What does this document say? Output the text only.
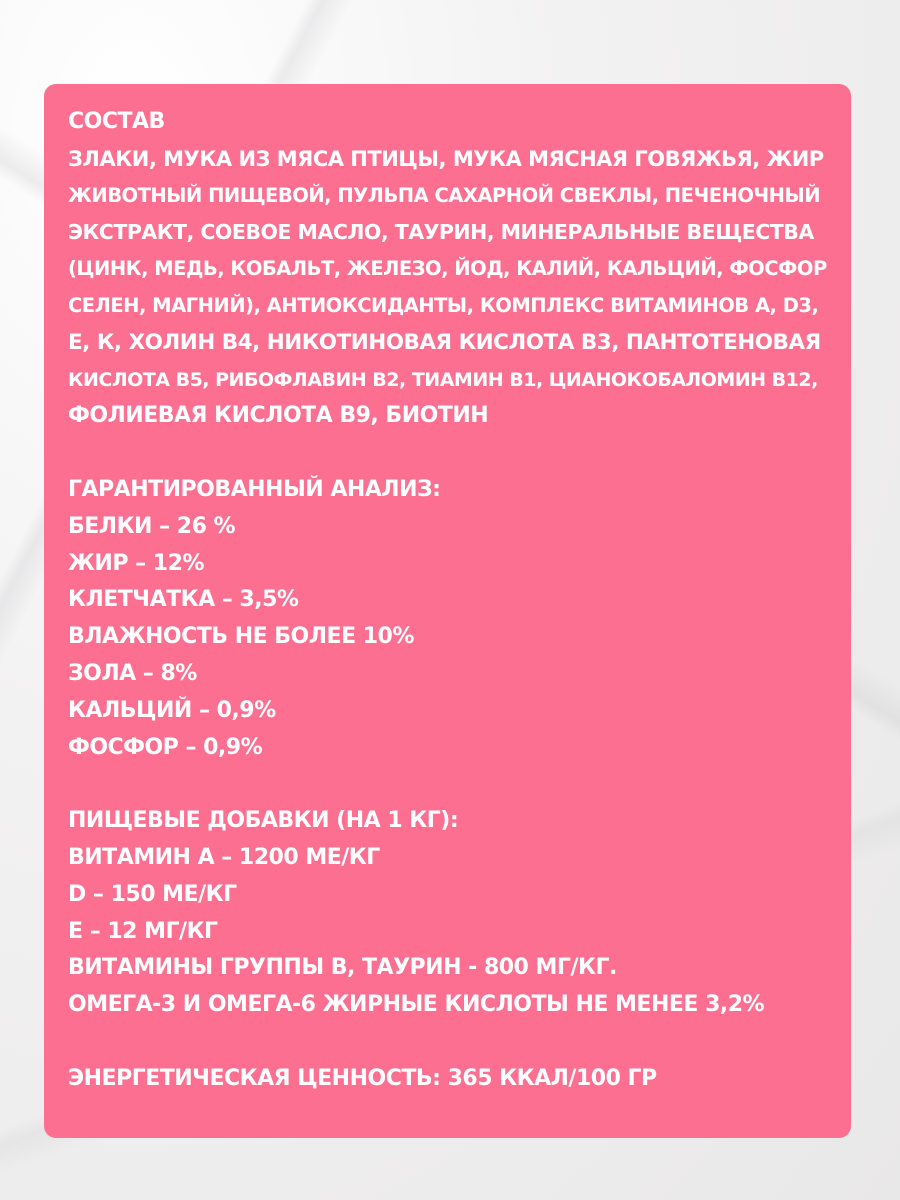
СОСТАВ
ЗЛАКИ, МУКА ИЗ МЯСА ПТИЦЫ, МУКА МЯСНАЯ ГОВЯЖЬЯ, ЖИР
ЖИВОТНЫЙ ПИЩЕВОЙ, ПУЛЬПА САХАРНОЙ СВЕКЛЫ, ПЕЧЕНОЧНЫЙ
ЭКСТРАКТ, СОЕВОЕ МАСЛО, ТАУРИН, МИНЕРАЛЬНЫЕ ВЕЩЕСТВА
(ЦИНК, МЕДЬ, КОБАЛЬТ, ЖЕЛЕЗО, ЙОД, КАЛИЙ, КАЛЬЦИЙ, ФОСФОР
СЕЛЕН, МАГНИЙ), АНТИОКСИДАНТЫ, КОМПЛЕКС ВИТАМИНОВ А, D3,
Е, К, ХОЛИН В4, НИКОТИНОВАЯ КИСЛОТА В3, ПАНТОТЕНОВАЯ
КИСЛОТА В5, РИБОФЛАВИН В2, ТИАМИН В1, ЦИАНОКОБАЛОМИН В12,
ФОЛИЕВАЯ КИСЛОТА В9, БИОТИН
ГАРАНТИРОВАННЫЙ АНАЛИЗ:
БЕЛКИ – 26 %
ЖИР – 12%
КЛЕТЧАТКА – 3,5%
ВЛАЖНОСТЬ НЕ БОЛЕЕ 10%
ЗОЛА – 8%
КАЛЬЦИЙ – 0,9%
ФОСФОР – 0,9%
ПИЩЕВЫЕ ДОБАВКИ (НА 1 КГ):
ВИТАМИН А – 1200 МЕ/КГ
D – 150 МЕ/КГ
Е – 12 МГ/КГ
ВИТАМИНЫ ГРУППЫ В, ТАУРИН - 800 МГ/КГ.
ОМЕГА-3 И ОМЕГА-6 ЖИРНЫЕ КИСЛОТЫ НЕ МЕНЕЕ 3,2%
ЭНЕРГЕТИЧЕСКАЯ ЦЕННОСТЬ: 365 ККАЛ/100 ГР
